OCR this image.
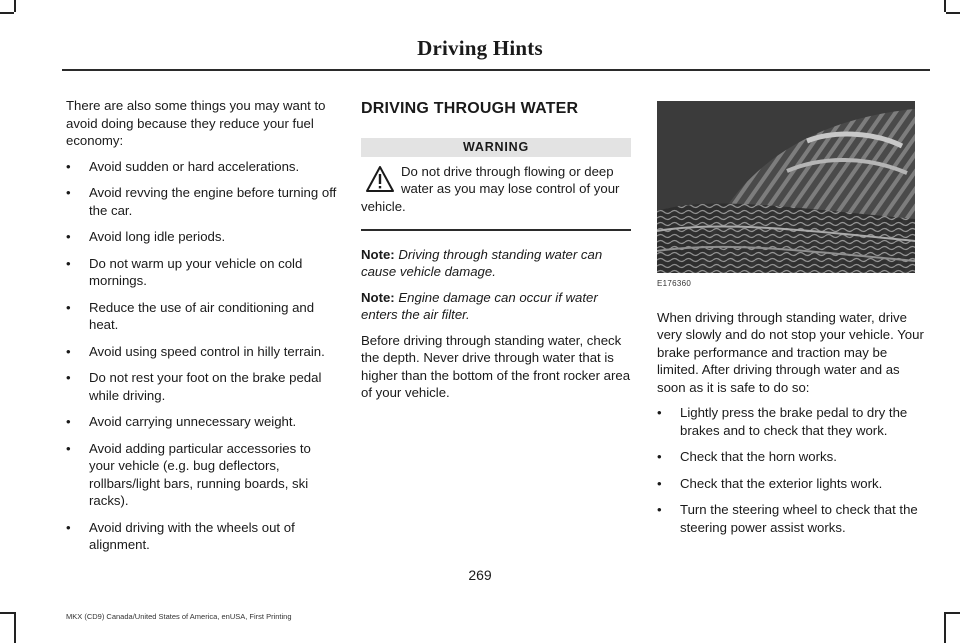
Driving Hints

There are also some things you may want to avoid doing because they reduce your fuel economy:

• Avoid sudden or hard accelerations.
• Avoid revving the engine before turning off the car.
• Avoid long idle periods.
• Do not warm up your vehicle on cold mornings.
• Reduce the use of air conditioning and heat.
• Avoid using speed control in hilly terrain.
• Do not rest your foot on the brake pedal while driving.
• Avoid carrying unnecessary weight.
• Avoid adding particular accessories to your vehicle (e.g. bug deflectors, rollbars/light bars, running boards, ski racks).
• Avoid driving with the wheels out of alignment.
DRIVING THROUGH WATER
WARNING
Do not drive through flowing or deep water as you may lose control of your vehicle.

Note: Driving through standing water can cause vehicle damage.

Note: Engine damage can occur if water enters the air filter.

Before driving through standing water, check the depth. Never drive through water that is higher than the bottom of the front rocker area of your vehicle.

E176360

When driving through standing water, drive very slowly and do not stop your vehicle. Your brake performance and traction may be limited. After driving through water and as soon as it is safe to do so:

• Lightly press the brake pedal to dry the brakes and to check that they work.
• Check that the horn works.
• Check that the exterior lights work.
• Turn the steering wheel to check that the steering power assist works.
269
MKX (CD9) Canada/United States of America, enUSA, First Printing
